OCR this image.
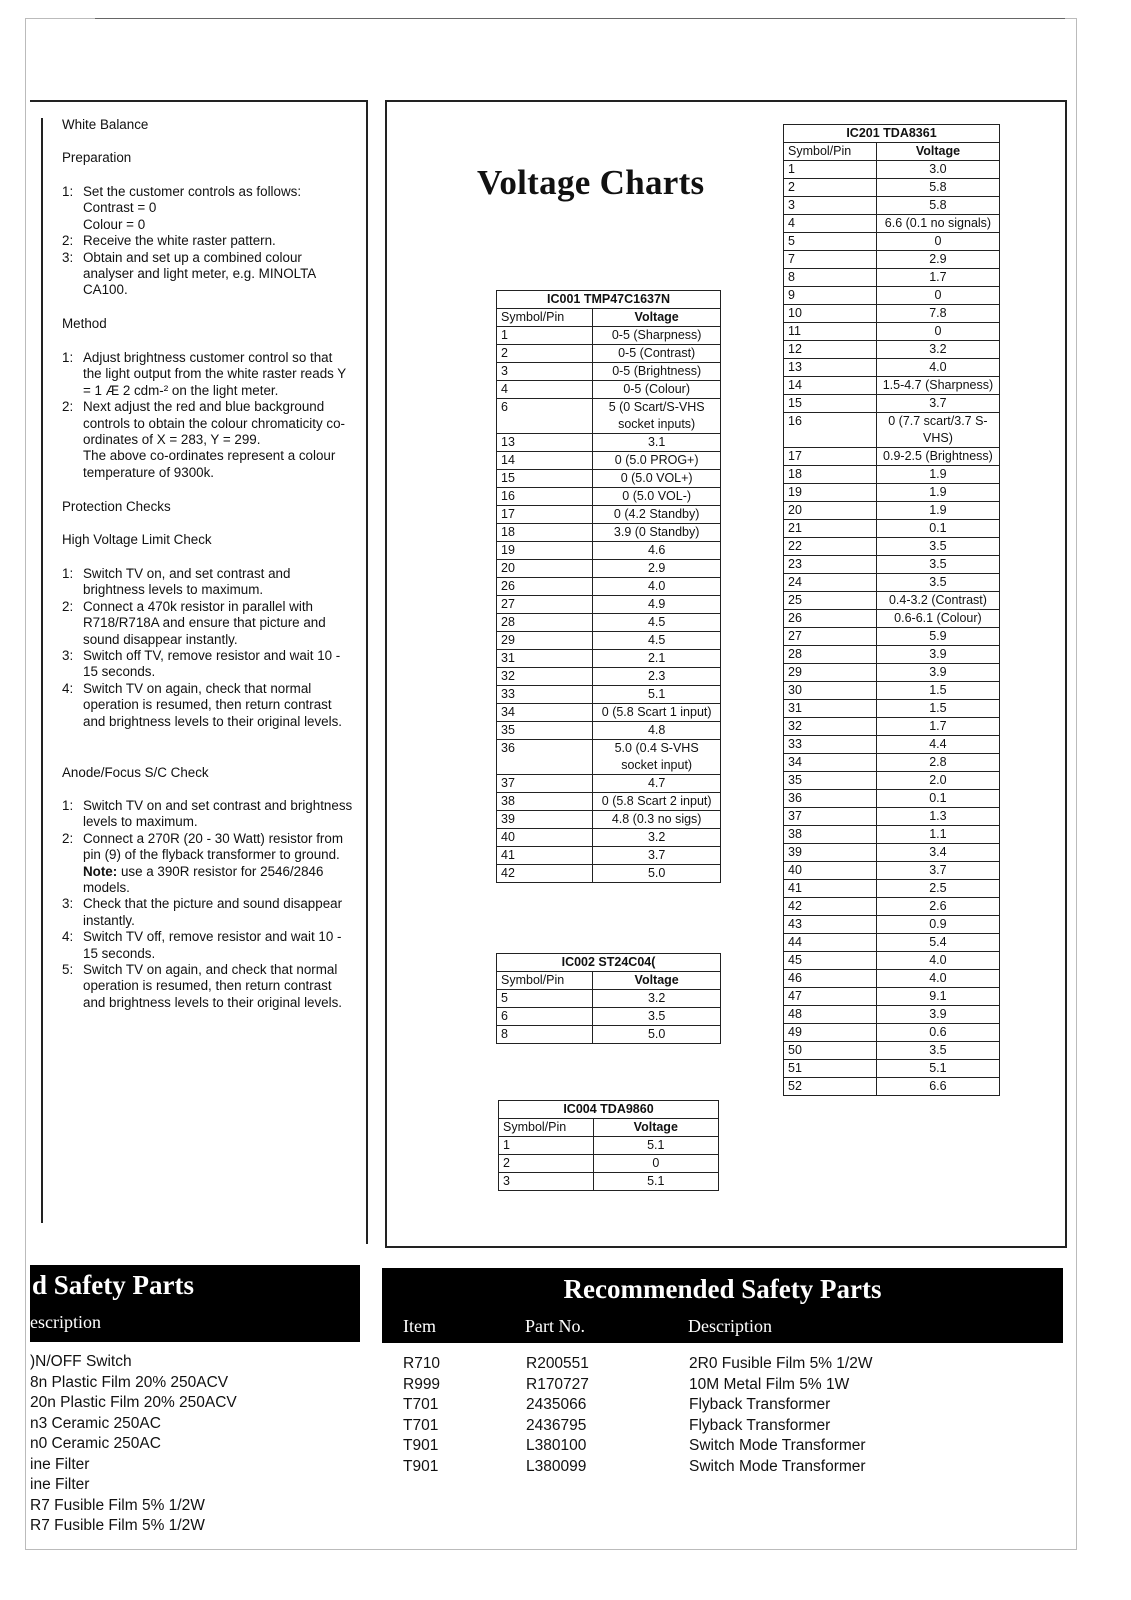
White Balance
Preparation
1: Set the customer controls as follows:
Contrast = 0
Colour = 0
2: Receive the white raster pattern.
3: Obtain and set up a combined colour analyser and light meter, e.g. MINOLTA CA100.
Method
1: Adjust brightness customer control so that the light output from the white raster reads Y = 1 Æ 2 cdm-² on the light meter.
2: Next adjust the red and blue background controls to obtain the colour chromaticity co-ordinates of X = 283, Y = 299.
The above co-ordinates represent a colour temperature of 9300k.
Protection Checks
High Voltage Limit Check
1: Switch TV on, and set contrast and brightness levels to maximum.
2: Connect a 470k resistor in parallel with R718/R718A and ensure that picture and sound disappear instantly.
3: Switch off TV, remove resistor and wait 10 - 15 seconds.
4: Switch TV on again, check that normal operation is resumed, then return contrast and brightness levels to their original levels.
Anode/Focus S/C Check
1: Switch TV on and set contrast and brightness levels to maximum.
2: Connect a 270R (20 - 30 Watt) resistor from pin (9) of the flyback transformer to ground.
Note: use a 390R resistor for 2546/2846 models.
3: Check that the picture and sound disappear instantly.
4: Switch TV off, remove resistor and wait 10 - 15 seconds.
5: Switch TV on again, and check that normal operation is resumed, then return contrast and brightness levels to their original levels.
Voltage Charts
IC001 TMP47C1637N	
Symbol/Pin	Voltage
1	0-5 (Sharpness)
2	0-5 (Contrast)
3	0-5 (Brightness)
4	0-5 (Colour)
6	5 (0 Scart/S-VHS socket inputs)
13	3.1
14	0 (5.0 PROG+)
15	0 (5.0 VOL+)
16	0 (5.0 VOL-)
17	0 (4.2 Standby)
18	3.9 (0 Standby)
19	4.6
20	2.9
26	4.0
27	4.9
28	4.5
29	4.5
31	2.1
32	2.3
33	5.1
34	0 (5.8 Scart 1 input)
35	4.8
36	5.0 (0.4 S-VHS socket input)
37	4.7
38	0 (5.8 Scart 2 input)
39	4.8 (0.3 no sigs)
40	3.2
41	3.7
42	5.0
IC002 ST24C04(	
Symbol/Pin	Voltage
5	3.2
6	3.5
8	5.0
IC004 TDA9860	
Symbol/Pin	Voltage
1	5.1
2	0
3	5.1
IC201 TDA8361	
Symbol/Pin	Voltage
1	3.0
2	5.8
3	5.8
4	6.6 (0.1 no signals)
5	0
7	2.9
8	1.7
9	0
10	7.8
11	0
12	3.2
13	4.0
14	1.5-4.7 (Sharpness)
15	3.7
16	0 (7.7 scart/3.7 S-VHS)
17	0.9-2.5 (Brightness)
18	1.9
19	1.9
20	1.9
21	0.1
22	3.5
23	3.5
24	3.5
25	0.4-3.2 (Contrast)
26	0.6-6.1 (Colour)
27	5.9
28	3.9
29	3.9
30	1.5
31	1.5
32	1.7
33	4.4
34	2.8
35	2.0
36	0.1
37	1.3
38	1.1
39	3.4
40	3.7
41	2.5
42	2.6
43	0.9
44	5.4
45	4.0
46	4.0
47	9.1
48	3.9
49	0.6
50	3.5
51	5.1
52	6.6
d Safety Parts
escription
)N/OFF Switch
8n Plastic Film 20% 250ACV
20n Plastic Film 20% 250ACV
n3 Ceramic 250AC
n0 Ceramic 250AC
ine Filter
ine Filter
R7 Fusible Film 5% 1/2W
R7 Fusible Film 5% 1/2W
Recommended Safety Parts
Item	Part No.	Description
R710	R200551	2R0 Fusible Film 5% 1/2W
R999	R170727	10M Metal Film 5% 1W
T701	2435066	Flyback Transformer
T701	2436795	Flyback Transformer
T901	L380100	Switch Mode Transformer
T901	L380099	Switch Mode Transformer
